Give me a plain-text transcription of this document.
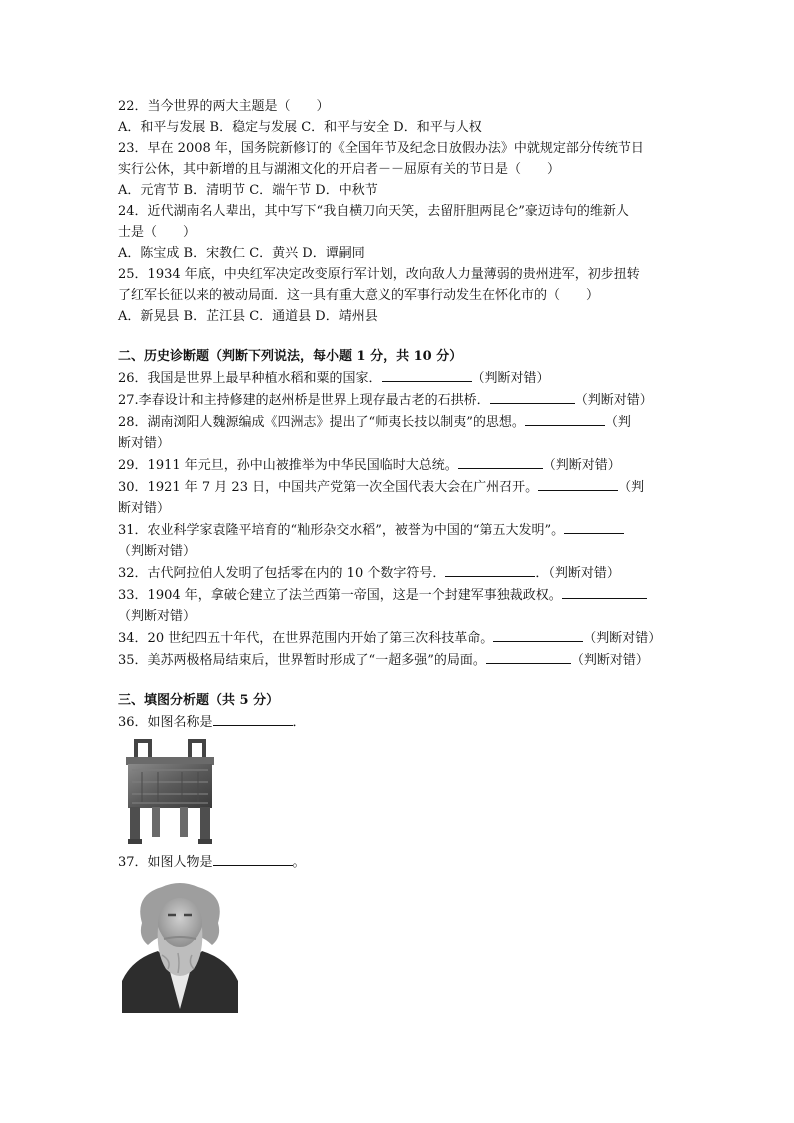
22．当今世界的两大主题是（　　）

A．和平与发展 B．稳定与发展 C．和平与安全 D．和平与人权

23．早在 2008 年，国务院新修订的《全国年节及纪念日放假办法》中就规定部分传统节日

实行公休，其中新增的且与湖湘文化的开启者－－屈原有关的节日是（　　）

A．元宵节 B．清明节 C．端午节 D．中秋节

24．近代湖南名人辈出，其中写下“我自横刀向天笑，去留肝胆两昆仑”豪迈诗句的维新人

士是（　　）

A．陈宝成 B．宋教仁 C．黄兴 D．谭嗣同

25．1934 年底，中央红军决定改变原行军计划，改向敌人力量薄弱的贵州进军，初步扭转

了红军长征以来的被动局面．这一具有重大意义的军事行动发生在怀化市的（　　）

A．新晃县 B．芷江县 C．通道县 D．靖州县

二、历史诊断题（判断下列说法，每小题 1 分，共 10 分）

26．我国是世界上最早种植水稻和粟的国家．	（判断对错）

27.李春设计和主持修建的赵州桥是世界上现存最古老的石拱桥．	（判断对错）

28．湖南浏阳人魏源编成《四洲志》提出了“师夷长技以制夷”的思想。	（判

断对错）

29．1911 年元旦，孙中山被推举为中华民国临时大总统。	（判断对错）

30．1921 年 7 月 23 日，中国共产党第一次全国代表大会在广州召开。	（判

断对错）

31．农业科学家袁隆平培育的“籼形杂交水稻”，被誉为中国的“第五大发明”。

（判断对错）

32．古代阿拉伯人发明了包括零在内的 10 个数字符号．	．（判断对错）

33．1904 年，拿破仑建立了法兰西第一帝国，这是一个封建军事独裁政权。

（判断对错）

34．20 世纪四五十年代，在世界范围内开始了第三次科技革命。	（判断对错）

35．美苏两极格局结束后，世界暂时形成了“一超多强”的局面。	（判断对错）

三、填图分析题（共 5 分）

36．如图名称是	．

37．如图人物是	。
